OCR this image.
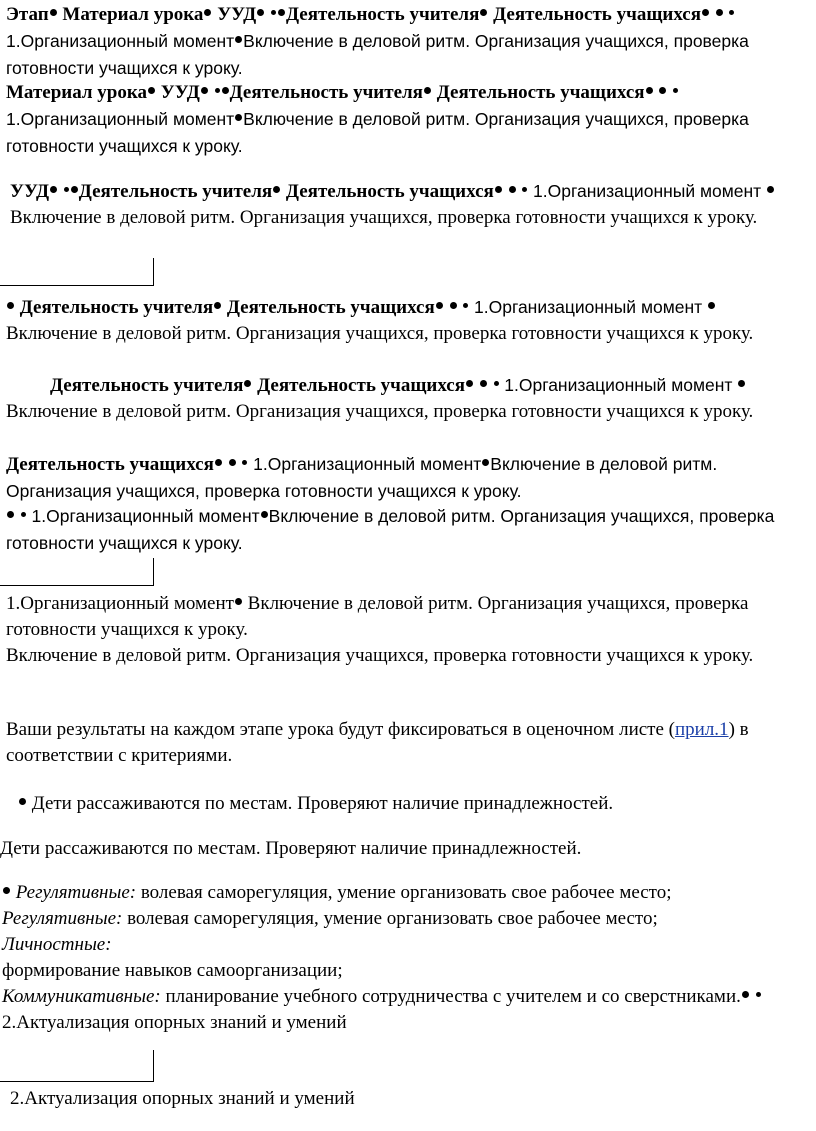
Этап Материал урока УУД Деятельность учителя Деятельность учащихся   1.Организационный момент Включение в деловой ритм. Организация учащихся, проверка готовности учащихся к уроку.

Материал урока УУД Деятельность учителя Деятельность учащихся   1.Организационный момент Включение в деловой ритм. Организация учащихся, проверка готовности учащихся к уроку.

УУД Деятельность учителя Деятельность учащихся 1.Организационный момент  Включение в деловой ритм. Организация учащихся, проверка готовности учащихся к уроку.

Деятельность учителя Деятельность учащихся 1.Организационный момент  Включение в деловой ритм. Организация учащихся, проверка готовности учащихся к уроку.

Деятельность учителя Деятельность учащихся 1.Организационный момент  Включение в деловой ритм. Организация учащихся, проверка готовности учащихся к уроку.

Деятельность учащихся 1.Организационный момент Включение в деловой ритм. Организация учащихся, проверка готовности учащихся к уроку.

1.Организационный момент Включение в деловой ритм. Организация учащихся, проверка готовности учащихся к уроку.

1.Организационный момент Включение в деловой ритм. Организация учащихся, проверка готовности учащихся к уроку.

Включение в деловой ритм. Организация учащихся, проверка готовности учащихся к уроку.

Ваши результаты на каждом этапе урока будут фиксироваться в оценочном листе (прил.1) в соответствии с критериями.

Дети рассаживаются по местам. Проверяют наличие принадлежностей.

Дети рассаживаются по местам. Проверяют наличие принадлежностей.

Регулятивные: волевая саморегуляция, умение организовать свое рабочее место;
Регулятивные: волевая саморегуляция, умение организовать свое рабочее место;
Личностные:
формирование навыков самоорганизации;
Коммуникативные: планирование учебного сотрудничества с учителем и со сверстниками.  2.Актуализация опорных знаний и умений

2.Актуализация опорных знаний и умений
